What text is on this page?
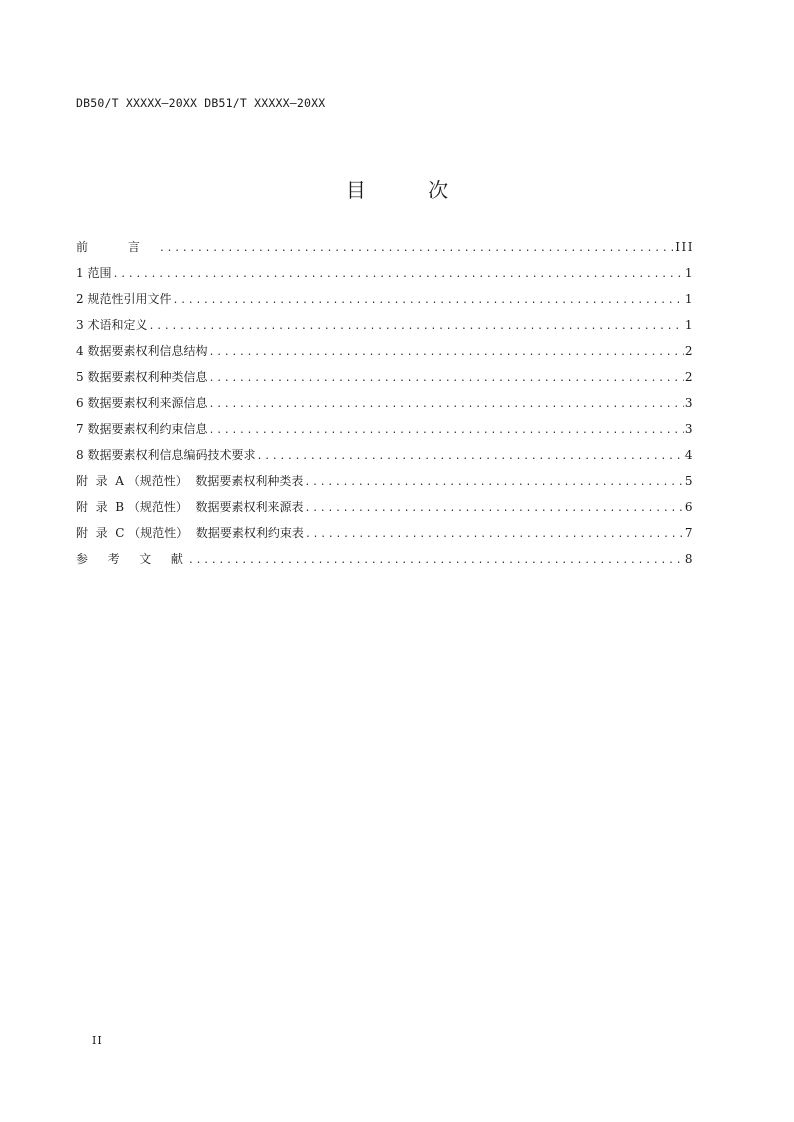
DB50/T XXXXX—20XX DB51/T XXXXX—20XX
目 次
前 言 .....	III
1 范围 .....	1
2 规范性引用文件 .....	1
3 术语和定义 .....	1
4 数据要素权利信息结构 .....	2
5 数据要素权利种类信息 .....	2
6 数据要素权利来源信息 .....	3
7 数据要素权利约束信息 .....	3
8 数据要素权利信息编码技术要求 .....	4
附  录  A （规范性）  数据要素权利种类表 .....	5
附  录  B （规范性）  数据要素权利来源表 .....	6
附  录  C （规范性）  数据要素权利约束表 .....	7
参  考  文  献 .....	8
II
